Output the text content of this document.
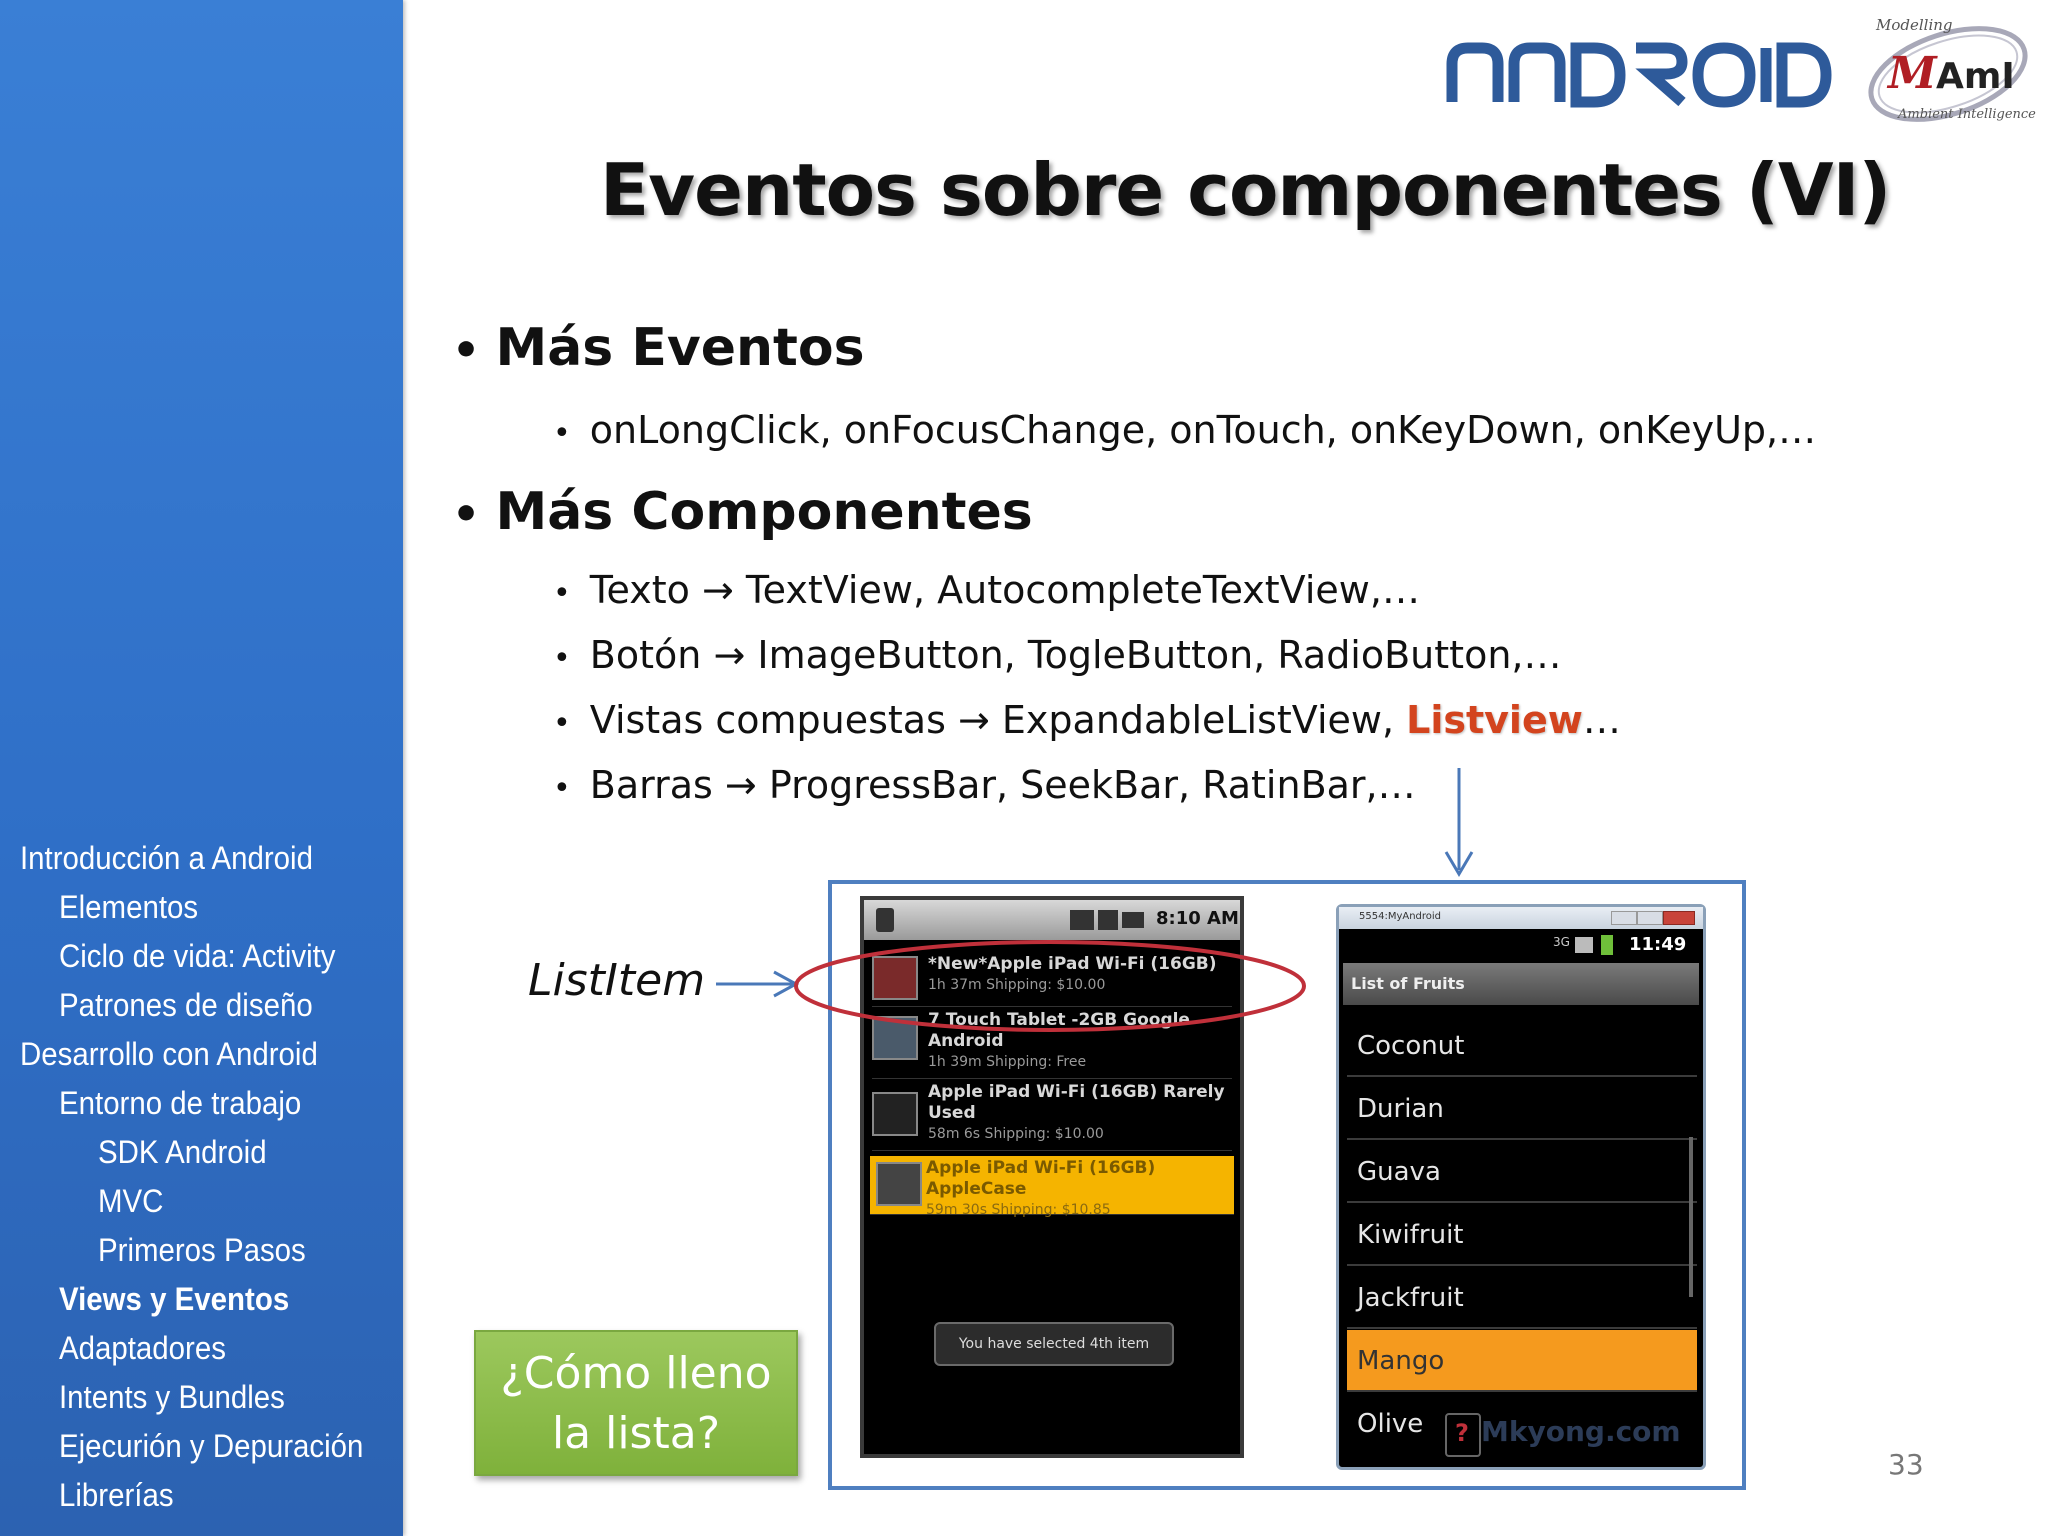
Introducción a Android
Elementos
Ciclo de vida: Activity
Patrones de diseño
Desarrollo con Android
Entorno de trabajo
SDK Android
MVC
Primeros Pasos
Views y Eventos
Adaptadores
Intents y Bundles
Ejecurión y Depuración
Librerías
Modelling
M AmI
Ambient Intelligence
Eventos sobre componentes (VI)
• Más Eventos
•  onLongClick, onFocusChange, onTouch, onKeyDown, onKeyUp,…
• Más Componentes
•  Texto → TextView, AutocompleteTextView,…
•  Botón → ImageButton, TogleButton, RadioButton,…
•  Vistas compuestas → ExpandableListView, Listview…
•  Barras → ProgressBar, SeekBar, RatinBar,…
ListItem
¿Cómo lleno
la lista?
8:10 AM
*New*Apple iPad Wi-Fi (16GB)
1h 37m Shipping: $10.00
7 Touch Tablet -2GB Google Android
1h 39m Shipping: Free
Apple iPad Wi-Fi (16GB) Rarely Used
58m 6s Shipping: $10.00
Apple iPad Wi-Fi (16GB) AppleCase
59m 30s Shipping: $10.85
You have selected 4th item
5554:MyAndroid
3G	11:49
List of Fruits
Coconut
Durian
Guava
Kiwifruit
Jackfruit
Mango
Olive	? Mkyong.com
33
